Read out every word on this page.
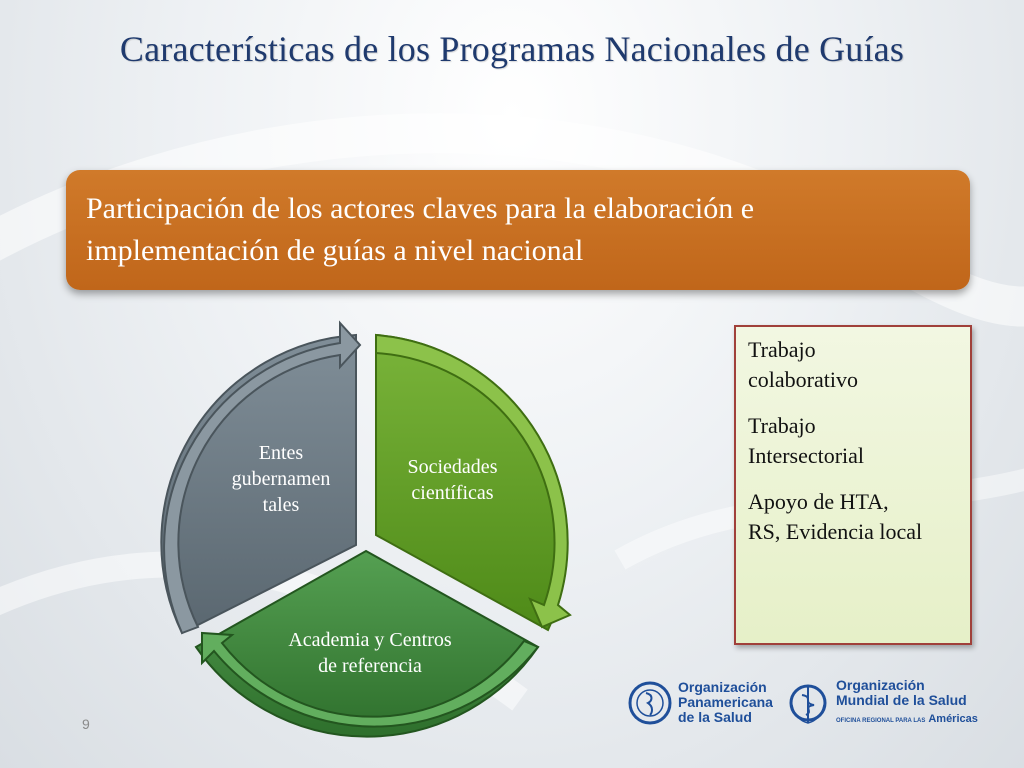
Características de los Programas Nacionales de Guías
Participación de los actores claves para la elaboración e
implementación de guías a nivel nacional
Entes
gubernamen
tales
Sociedades
científicas
Academia y Centros
de referencia

Trabajo
colaborativo

Trabajo
Intersectorial

Apoyo de HTA,
RS, Evidencia local

9
Organización
Panamericana
de la Salud
Organización
Mundial de la Salud
OFICINA REGIONAL PARA LAS Américas
